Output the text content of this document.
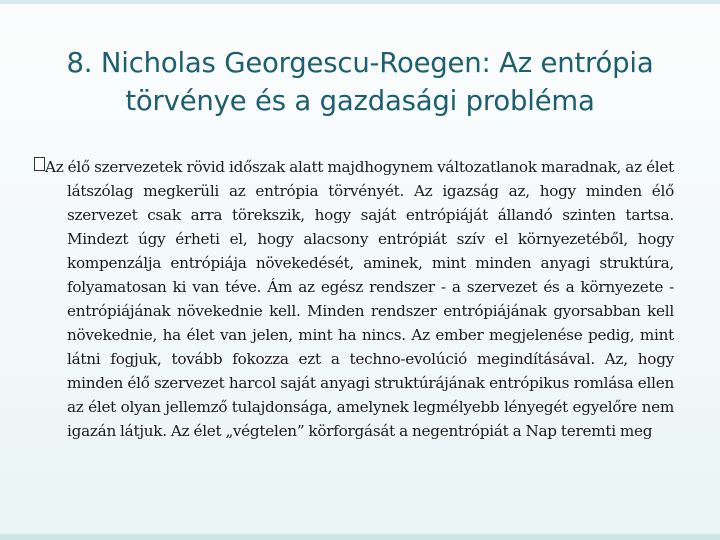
8. Nicholas Georgescu-Roegen: Az entrópia törvénye és a gazdasági probléma

Az élő szervezetek rövid időszak alatt majdhogynem változatlanok maradnak, az élet látszólag megkerüli az entrópia törvényét. Az igazság az, hogy minden élő szervezet csak arra törekszik, hogy saját entrópiáját állandó szinten tartsa. Mindezt úgy érheti el, hogy alacsony entrópiát szív el környezetéből, hogy kompenzálja entrópiája növekedését, aminek, mint minden anyagi struktúra, folyamatosan ki van téve. Ám az egész rendszer - a szervezet és a környezete - entrópiájának növekednie kell. Minden rendszer entrópiájának gyorsabban kell növekednie, ha élet van jelen, mint ha nincs. Az ember megjelenése pedig, mint látni fogjuk, tovább fokozza ezt a techno-evolúció megindításával. Az, hogy minden élő szervezet harcol saját anyagi struktúrájának entrópikus romlása ellen az élet olyan jellemző tulajdonsága, amelynek legmélyebb lényegét egyelőre nem igazán látjuk. Az élet „végtelen” körforgását a negentrópiát a Nap teremti meg
